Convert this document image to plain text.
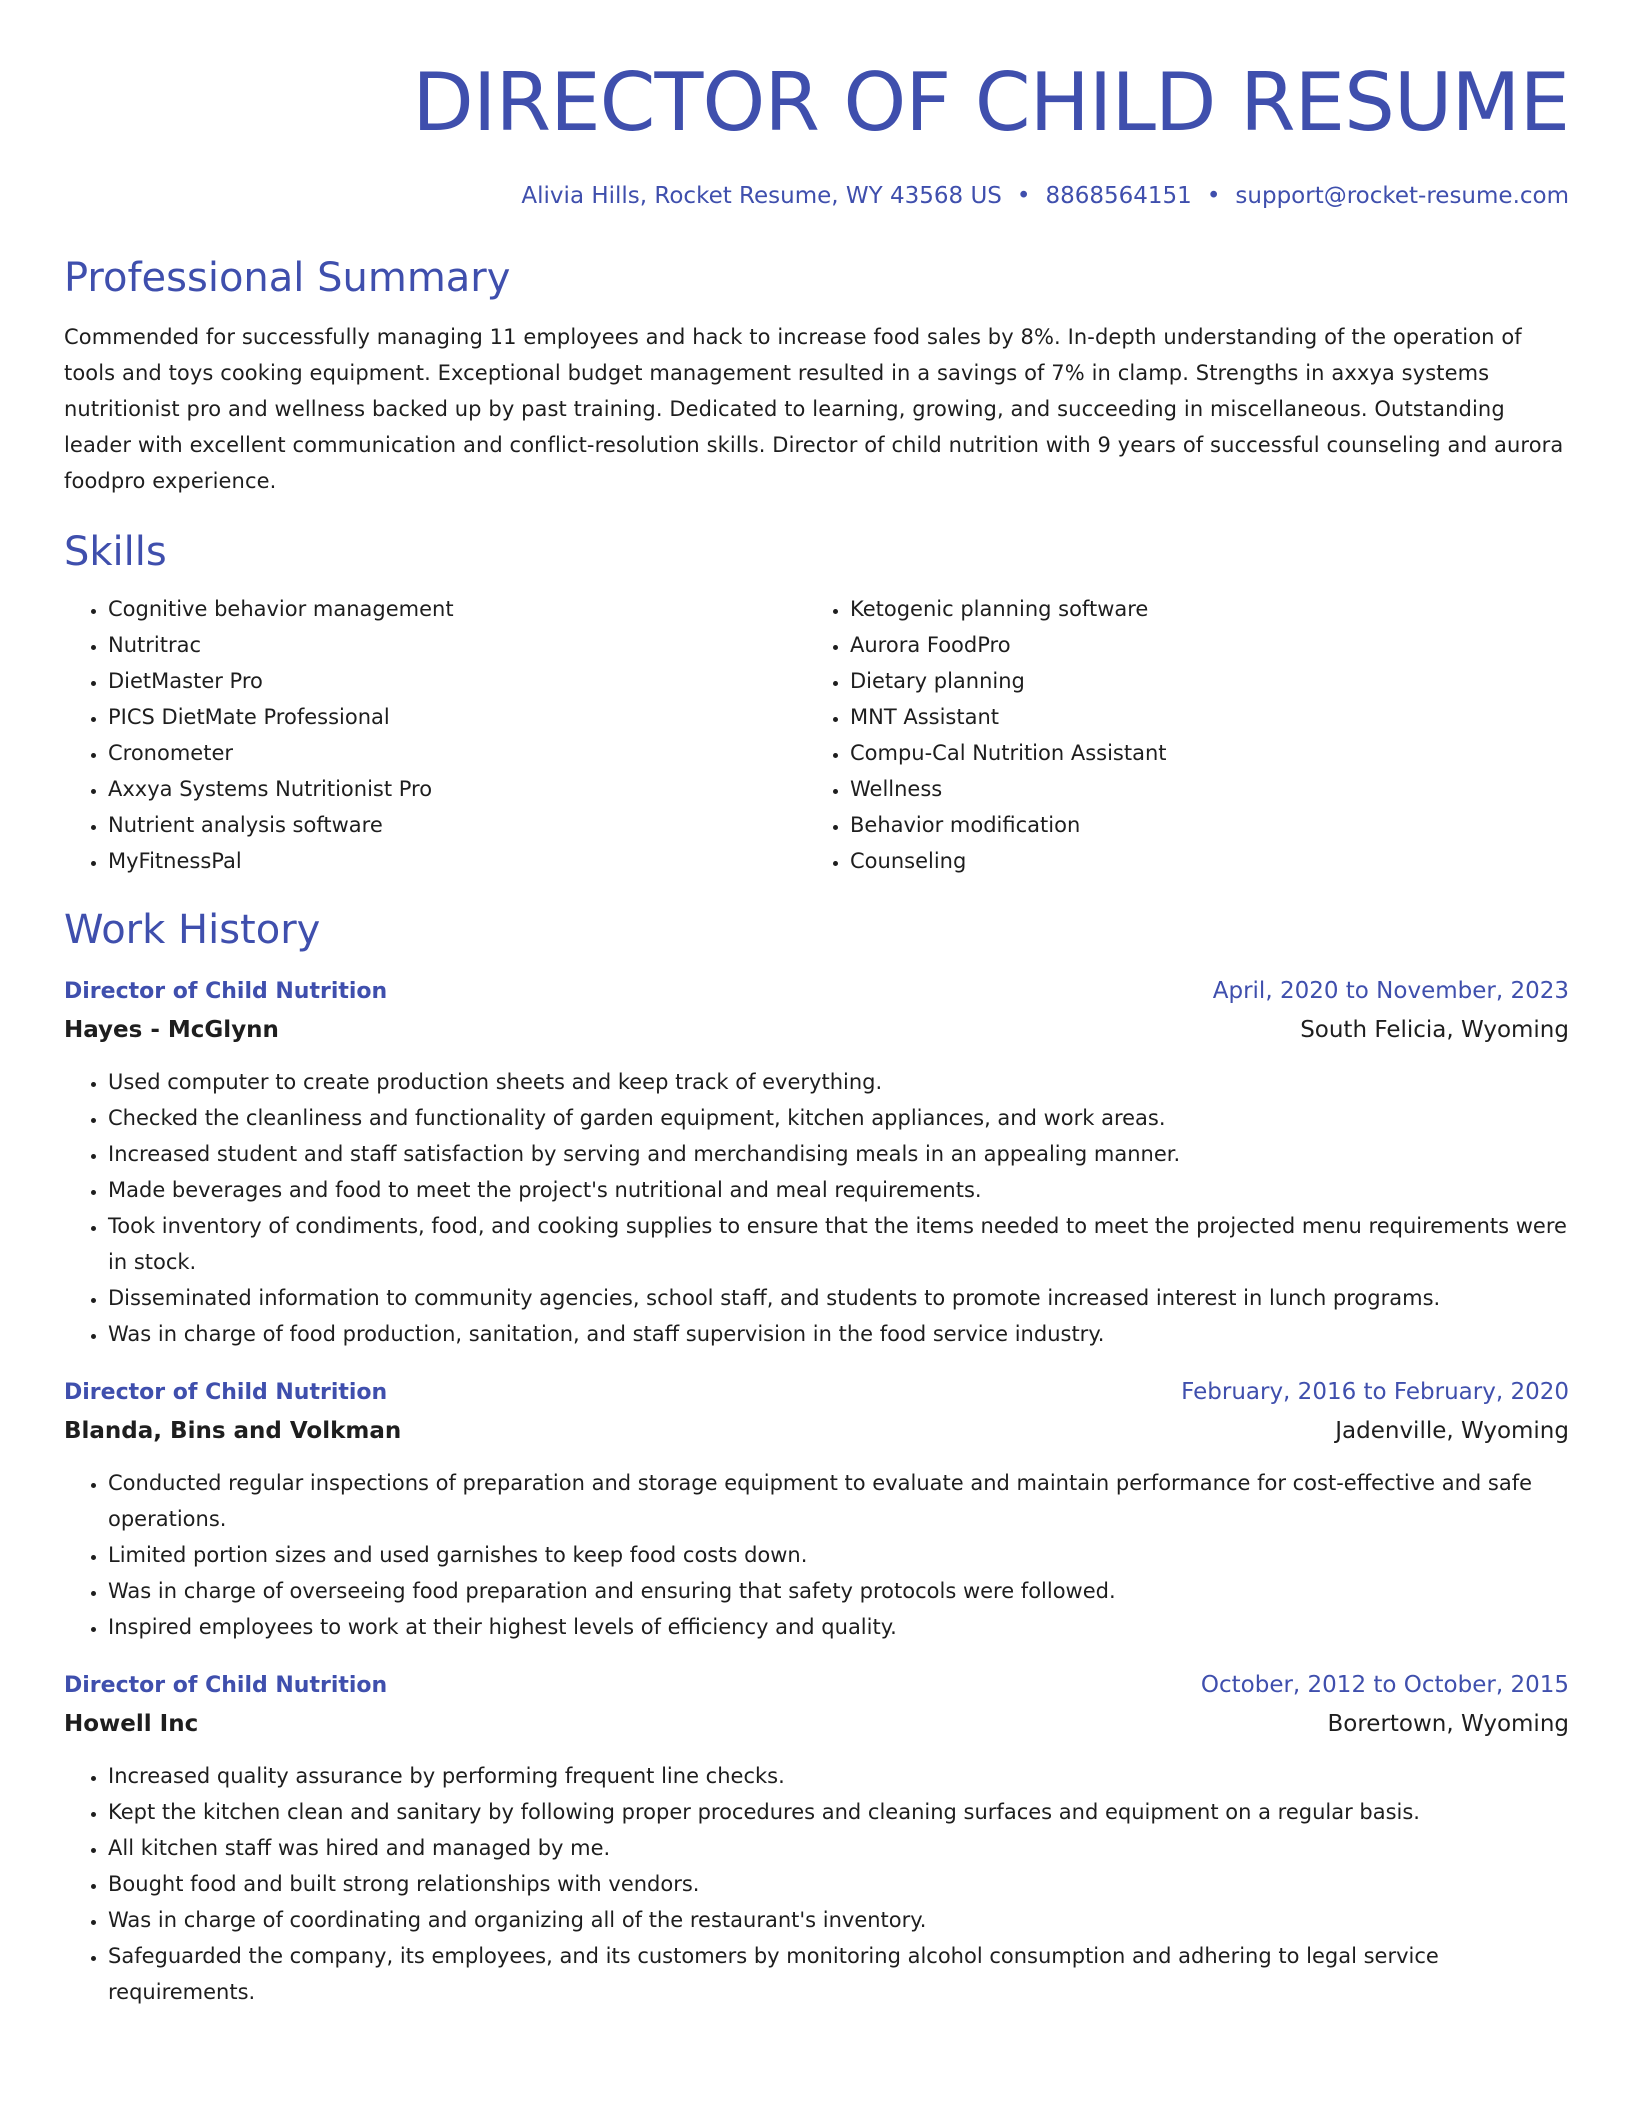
DIRECTOR OF CHILD RESUME
Alivia Hills, Rocket Resume, WY 43568 US • 8868564151 • support@rocket-resume.com
Professional Summary
Commended for successfully managing 11 employees and hack to increase food sales by 8%. In-depth understanding of the operation of tools and toys cooking equipment. Exceptional budget management resulted in a savings of 7% in clamp. Strengths in axxya systems nutritionist pro and wellness backed up by past training. Dedicated to learning, growing, and succeeding in miscellaneous. Outstanding leader with excellent communication and conflict-resolution skills. Director of child nutrition with 9 years of successful counseling and aurora foodpro experience.
Skills
• Cognitive behavior management
• Nutritrac
• DietMaster Pro
• PICS DietMate Professional
• Cronometer
• Axxya Systems Nutritionist Pro
• Nutrient analysis software
• MyFitnessPal
• Ketogenic planning software
• Aurora FoodPro
• Dietary planning
• MNT Assistant
• Compu-Cal Nutrition Assistant
• Wellness
• Behavior modification
• Counseling
Work History
Director of Child Nutrition	April, 2020 to November, 2023
Hayes - McGlynn	South Felicia, Wyoming
• Used computer to create production sheets and keep track of everything.
• Checked the cleanliness and functionality of garden equipment, kitchen appliances, and work areas.
• Increased student and staff satisfaction by serving and merchandising meals in an appealing manner.
• Made beverages and food to meet the project's nutritional and meal requirements.
• Took inventory of condiments, food, and cooking supplies to ensure that the items needed to meet the projected menu requirements were in stock.
• Disseminated information to community agencies, school staff, and students to promote increased interest in lunch programs.
• Was in charge of food production, sanitation, and staff supervision in the food service industry.
Director of Child Nutrition	February, 2016 to February, 2020
Blanda, Bins and Volkman	Jadenville, Wyoming
• Conducted regular inspections of preparation and storage equipment to evaluate and maintain performance for cost-effective and safe operations.
• Limited portion sizes and used garnishes to keep food costs down.
• Was in charge of overseeing food preparation and ensuring that safety protocols were followed.
• Inspired employees to work at their highest levels of efficiency and quality.
Director of Child Nutrition	October, 2012 to October, 2015
Howell Inc	Borertown, Wyoming
• Increased quality assurance by performing frequent line checks.
• Kept the kitchen clean and sanitary by following proper procedures and cleaning surfaces and equipment on a regular basis.
• All kitchen staff was hired and managed by me.
• Bought food and built strong relationships with vendors.
• Was in charge of coordinating and organizing all of the restaurant's inventory.
• Safeguarded the company, its employees, and its customers by monitoring alcohol consumption and adhering to legal service requirements.
